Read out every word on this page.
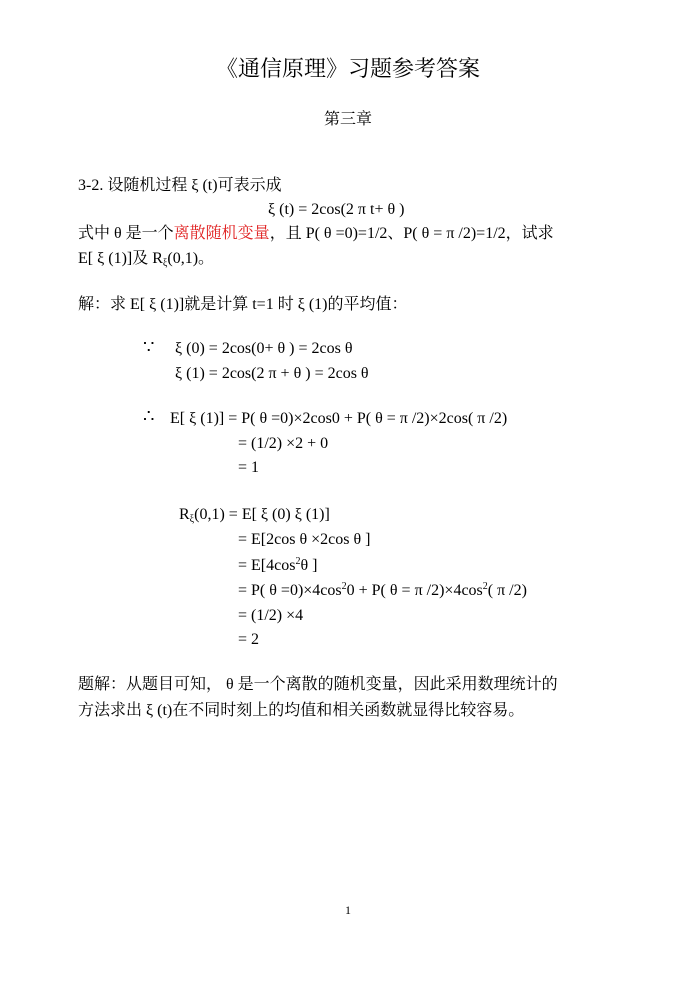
《通信原理》习题参考答案
第三章
3-2. 设随机过程 ξ (t)可表示成
ξ (t) = 2cos(2 π t+ θ )
式中 θ 是一个离散随机变量，且 P( θ =0)=1/2、P( θ = π /2)=1/2，试求
E[ ξ (1)]及 Rξ(0,1)。
解：求 E[ ξ (1)]就是计算 t=1 时 ξ (1)的平均值：
∵ ξ (0) = 2cos(0+ θ ) = 2cos θ
ξ (1) = 2cos(2 π + θ ) = 2cos θ
∴ E[ ξ (1)] = P( θ =0)×2cos0 + P( θ = π /2)×2cos( π /2)
= (1/2) ×2 + 0
= 1
Rξ(0,1) = E[ ξ (0) ξ (1)]
= E[2cos θ ×2cos θ ]
= $E[4\cos^2\theta$ ]
= P( $\theta =0)\times 4\cos^20 + P$( θ = π $/2)\times 4\cos^2$( π /2)
= (1/2) ×4
= 2
题解：从题目可知， θ 是一个离散的随机变量，因此采用数理统计的
方法求出 ξ (t)在不同时刻上的均值和相关函数就显得比较容易。
1
